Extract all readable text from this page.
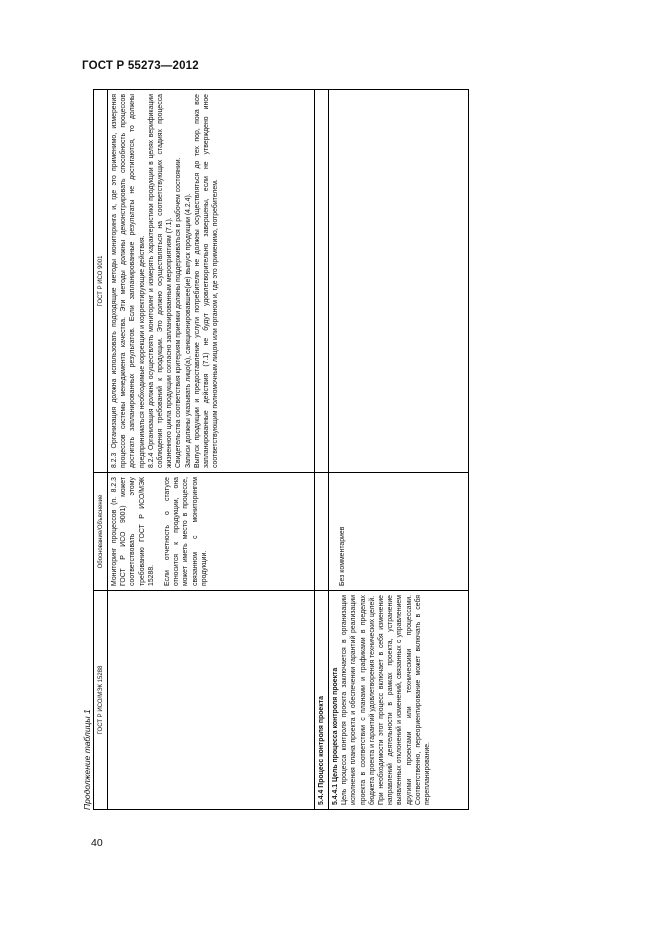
ГОСТ Р 55273—2012
Продолжение таблицы 1
ГОСТ Р ИСО/МЭК 15288
Обоснование/Объяснение
ГОСТ Р ИСО 9001

Мониторинг процессов (п. 8.2.3 ГОСТ Р ИСО 9001) может соответствовать этому требованию ГОСТ Р ИСО/МЭК 15288. Если отчетность о статусе относится к продукции, она может иметь место в процессе, связанном с мониторингом продукции.

8.2.3 Организация должна использовать подходящие методы мониторинга и, где это применимо, измерения процессов системы менеджмента качества. Эти методы должны демонстрировать способность процессов достигать запланированных результатов. Если запланированные результаты не достигаются, то должны предприниматься необходимые коррекции и корректирующие действия. 8.2.4 Организация должна осуществлять мониторинг и измерять характеристики продукции в целях верификации соблюдения требований к продукции. Это должно осуществляться на соответствующих стадиях процесса жизненного цикла продукции согласно запланированным мероприятиям (7.1). Свидетельства соответствия критериям приемки должны поддерживаться в рабочем состоянии. Записи должны указывать лицо(а), санкционировавшее(ие) выпуск продукции (4.2.4). Выпуск продукции и предоставление услуги потребителю не должны осуществляться до тех пор, пока все запланированные действия (7.1) не будут удовлетворительно завершены, если не утверждено иное соответствующим полномочным лицом или органом и, где это применимо, потребителем.

5.4.4 Процесс контроля проекта	5.4.4.1 Цель процесса контроля проекта Цель процесса контроля проекта заключается в организации исполнения плана проекта и обеспечении гарантий реализации проекта в соответствии с планами и графиками в пределах бюджета проекта и гарантий удовлетворения технических целей. При необходимости этот процесс включает в себя изменение направлений деятельности в рамках проекта, устранение выявленных отклонений и изменений, связанных с управлением другими проектами или техническими процессами. Соответственно, переориентирование может включать в себя перепланирование.

Без комментариев

40
